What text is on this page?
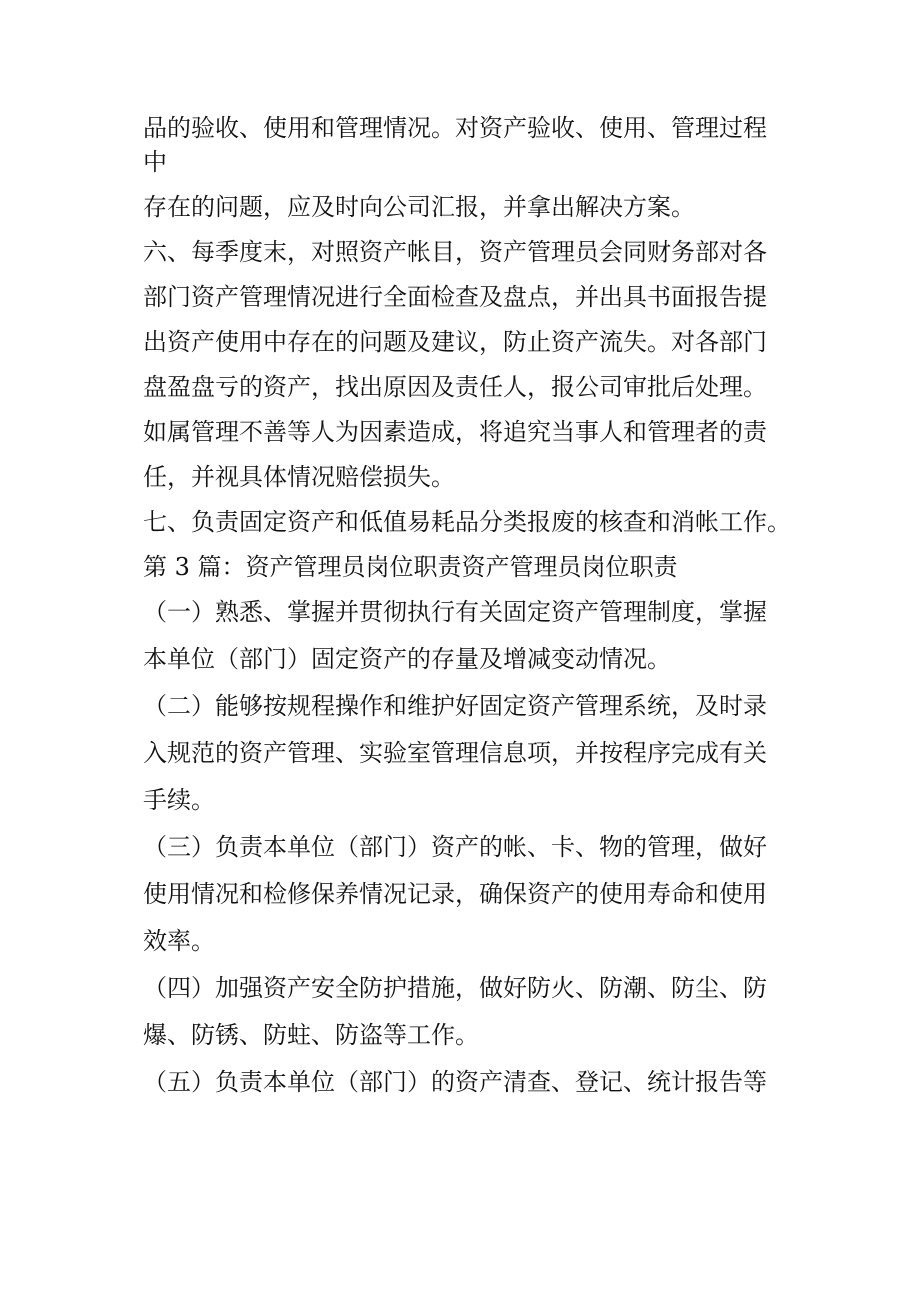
品的验收、使用和管理情况。对资产验收、使用、管理过程

中

存在的问题，应及时向公司汇报，并拿出解决方案。

六、每季度末，对照资产帐目，资产管理员会同财务部对各

部门资产管理情况进行全面检查及盘点，并出具书面报告提

出资产使用中存在的问题及建议，防止资产流失。对各部门

盘盈盘亏的资产，找出原因及责任人，报公司审批后处理。

如属管理不善等人为因素造成，将追究当事人和管理者的责

任，并视具体情况赔偿损失。

七、负责固定资产和低值易耗品分类报废的核查和消帐工作。

第 3 篇：资产管理员岗位职责资产管理员岗位职责

（一）熟悉、掌握并贯彻执行有关固定资产管理制度，掌握

本单位（部门）固定资产的存量及增减变动情况。

（二）能够按规程操作和维护好固定资产管理系统，及时录

入规范的资产管理、实验室管理信息项，并按程序完成有关

手续。

（三）负责本单位（部门）资产的帐、卡、物的管理，做好

使用情况和检修保养情况记录，确保资产的使用寿命和使用

效率。

（四）加强资产安全防护措施，做好防火、防潮、防尘、防

爆、防锈、防蛀、防盗等工作。

（五）负责本单位（部门）的资产清查、登记、统计报告等
